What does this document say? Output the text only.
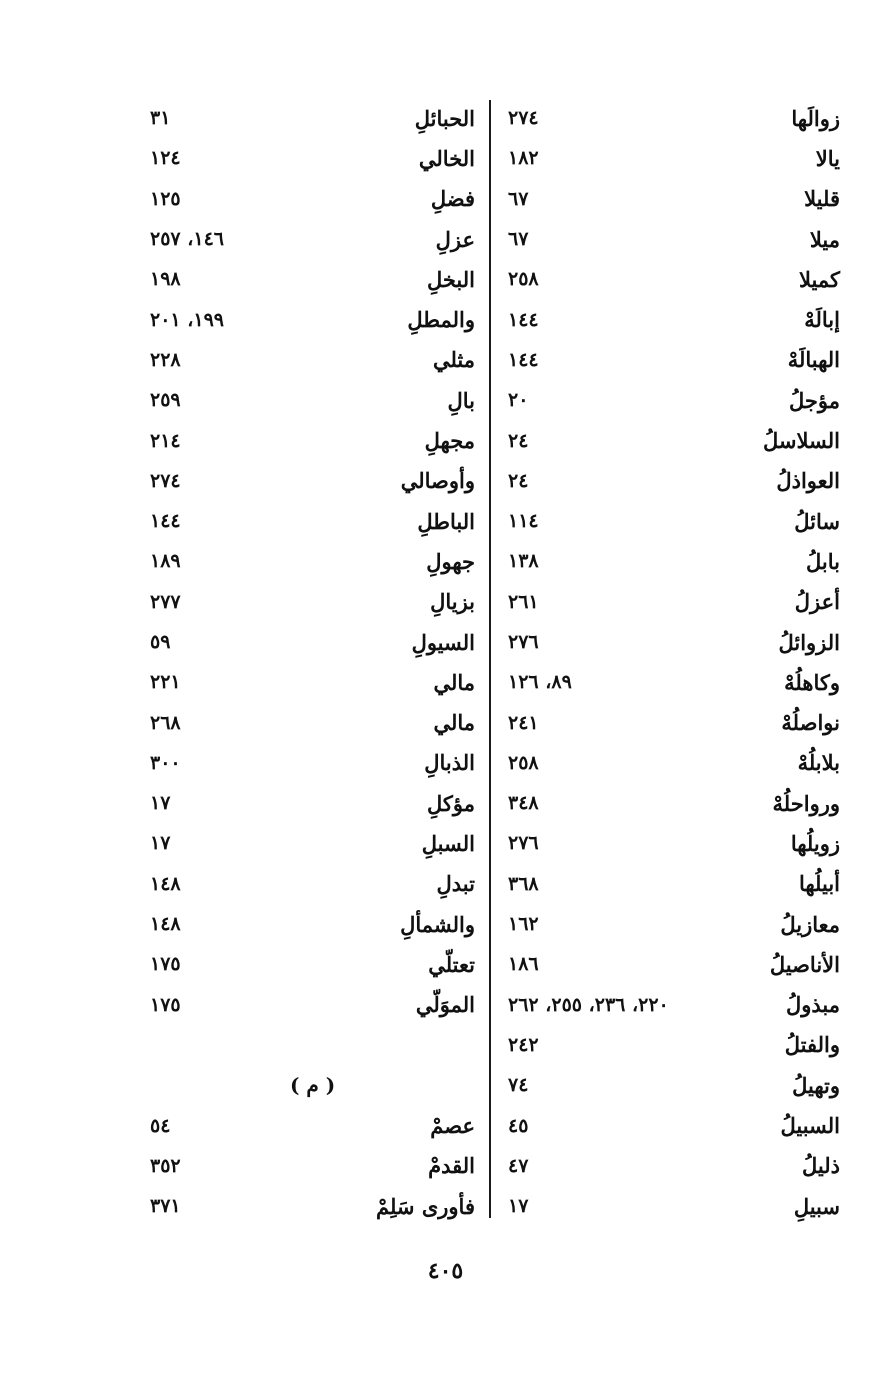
زوالَها
٢٧٤
يالا
١٨٢
قليلا
٦٧
ميلا
٦٧
كميلا
٢٥٨
إبالَهْ
١٤٤
الهبالَهْ
١٤٤
مؤجلُ
٢٠
السلاسلُ
٢٤
العواذلُ
٢٤
سائلُ
١١٤
بابلُ
١٣٨
أعزلُ
٢٦١
الزوائلُ
٢٧٦
وكاهلُهْ
٨٩، ١٢٦
نواصلُهْ
٢٤١
بلابلُهْ
٢٥٨
ورواحلُهْ
٣٤٨
زويلُها
٢٧٦
أبيلُها
٣٦٨
معازيلُ
١٦٢
الأناصيلُ
١٨٦
مبذولُ
٢٢٠، ٢٣٦، ٢٥٥، ٢٦٢
والفتلُ
٢٤٢
وتهيلُ
٧٤
السبيلُ
٤٥
ذليلُ
٤٧
سبيلِ
١٧
الحبائلِ
٣١
الخالي
١٢٤
فضلِ
١٢٥
عزلِ
١٤٦، ٢٥٧
البخلِ
١٩٨
والمطلِ
١٩٩، ٢٠١
مثلي
٢٢٨
بالِ
٢٥٩
مجهلِ
٢١٤
وأوصالي
٢٧٤
الباطلِ
١٤٤
جهولِ
١٨٩
بزيالِ
٢٧٧
السيولِ
٥٩
مالي
٢٢١
مالي
٢٦٨
الذبالِ
٣٠٠
مؤكلِ
١٧
السبلِ
١٧
تبدلِ
١٤٨
والشمألِ
١٤٨
تعتلّي
١٧٥
الموَلّي
١٧٥
( م )
عصمْ
٥٤
القدمْ
٣٥٢
فأورى سَلِمْ
٣٧١
٤٠٥
